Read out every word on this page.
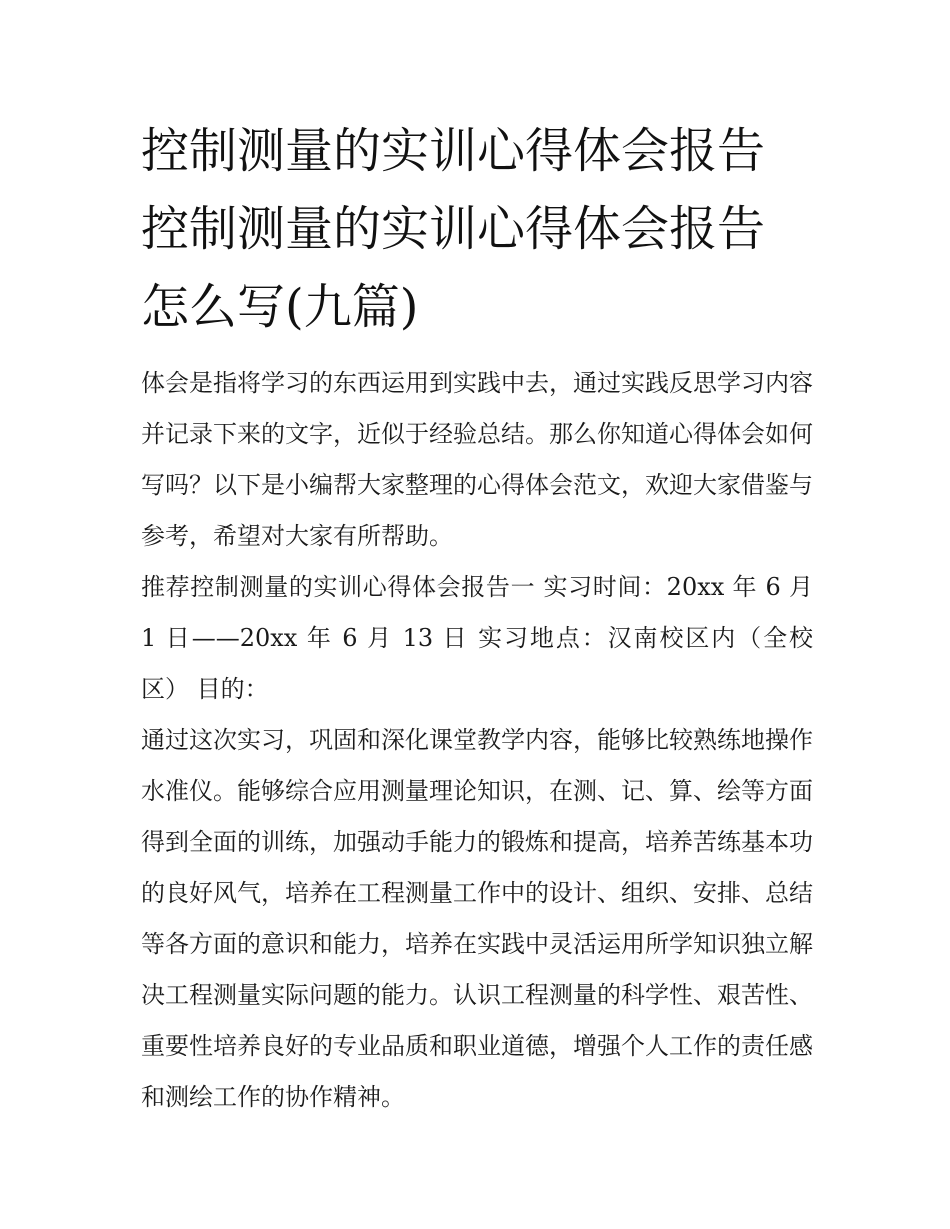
控制测量的实训心得体会报告
控制测量的实训心得体会报告
怎么写(九篇)

体会是指将学习的东西运用到实践中去，通过实践反思学习内容并记录下来的文字，近似于经验总结。那么你知道心得体会如何写吗？以下是小编帮大家整理的心得体会范文，欢迎大家借鉴与参考，希望对大家有所帮助。

推荐控制测量的实训心得体会报告一 实习时间：20xx 年 6 月 1 日——20xx 年 6 月 13 日 实习地点：汉南校区内（全校区） 目的：

通过这次实习，巩固和深化课堂教学内容，能够比较熟练地操作水准仪。能够综合应用测量理论知识，在测、记、算、绘等方面得到全面的训练，加强动手能力的锻炼和提高，培养苦练基本功的良好风气，培养在工程测量工作中的设计、组织、安排、总结等各方面的意识和能力，培养在实践中灵活运用所学知识独立解决工程测量实际问题的能力。认识工程测量的科学性、艰苦性、重要性培养良好的专业品质和职业道德，增强个人工作的责任感和测绘工作的协作精神。
